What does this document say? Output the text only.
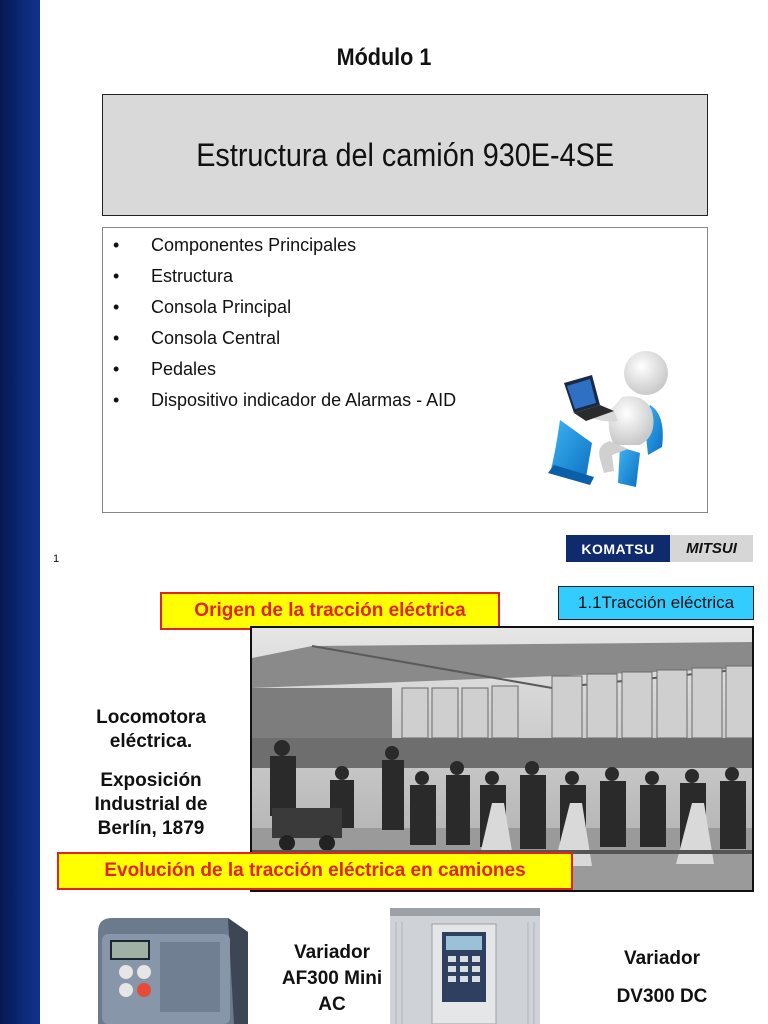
Módulo 1
Estructura del camión 930E-4SE
•	Componentes Principales
•	Estructura
•	Consola Principal
•	Consola Central
•	Pedales
•	Dispositivo indicador de Alarmas - AID
1
KOMATSU	MITSUI
Origen de la tracción eléctrica	1.1Tracción eléctrica
Locomotora eléctrica.
Exposición Industrial de Berlín, 1879
Evolución de la tracción eléctrica en camiones
Variador AF300 Mini AC
Variador
DV300 DC
